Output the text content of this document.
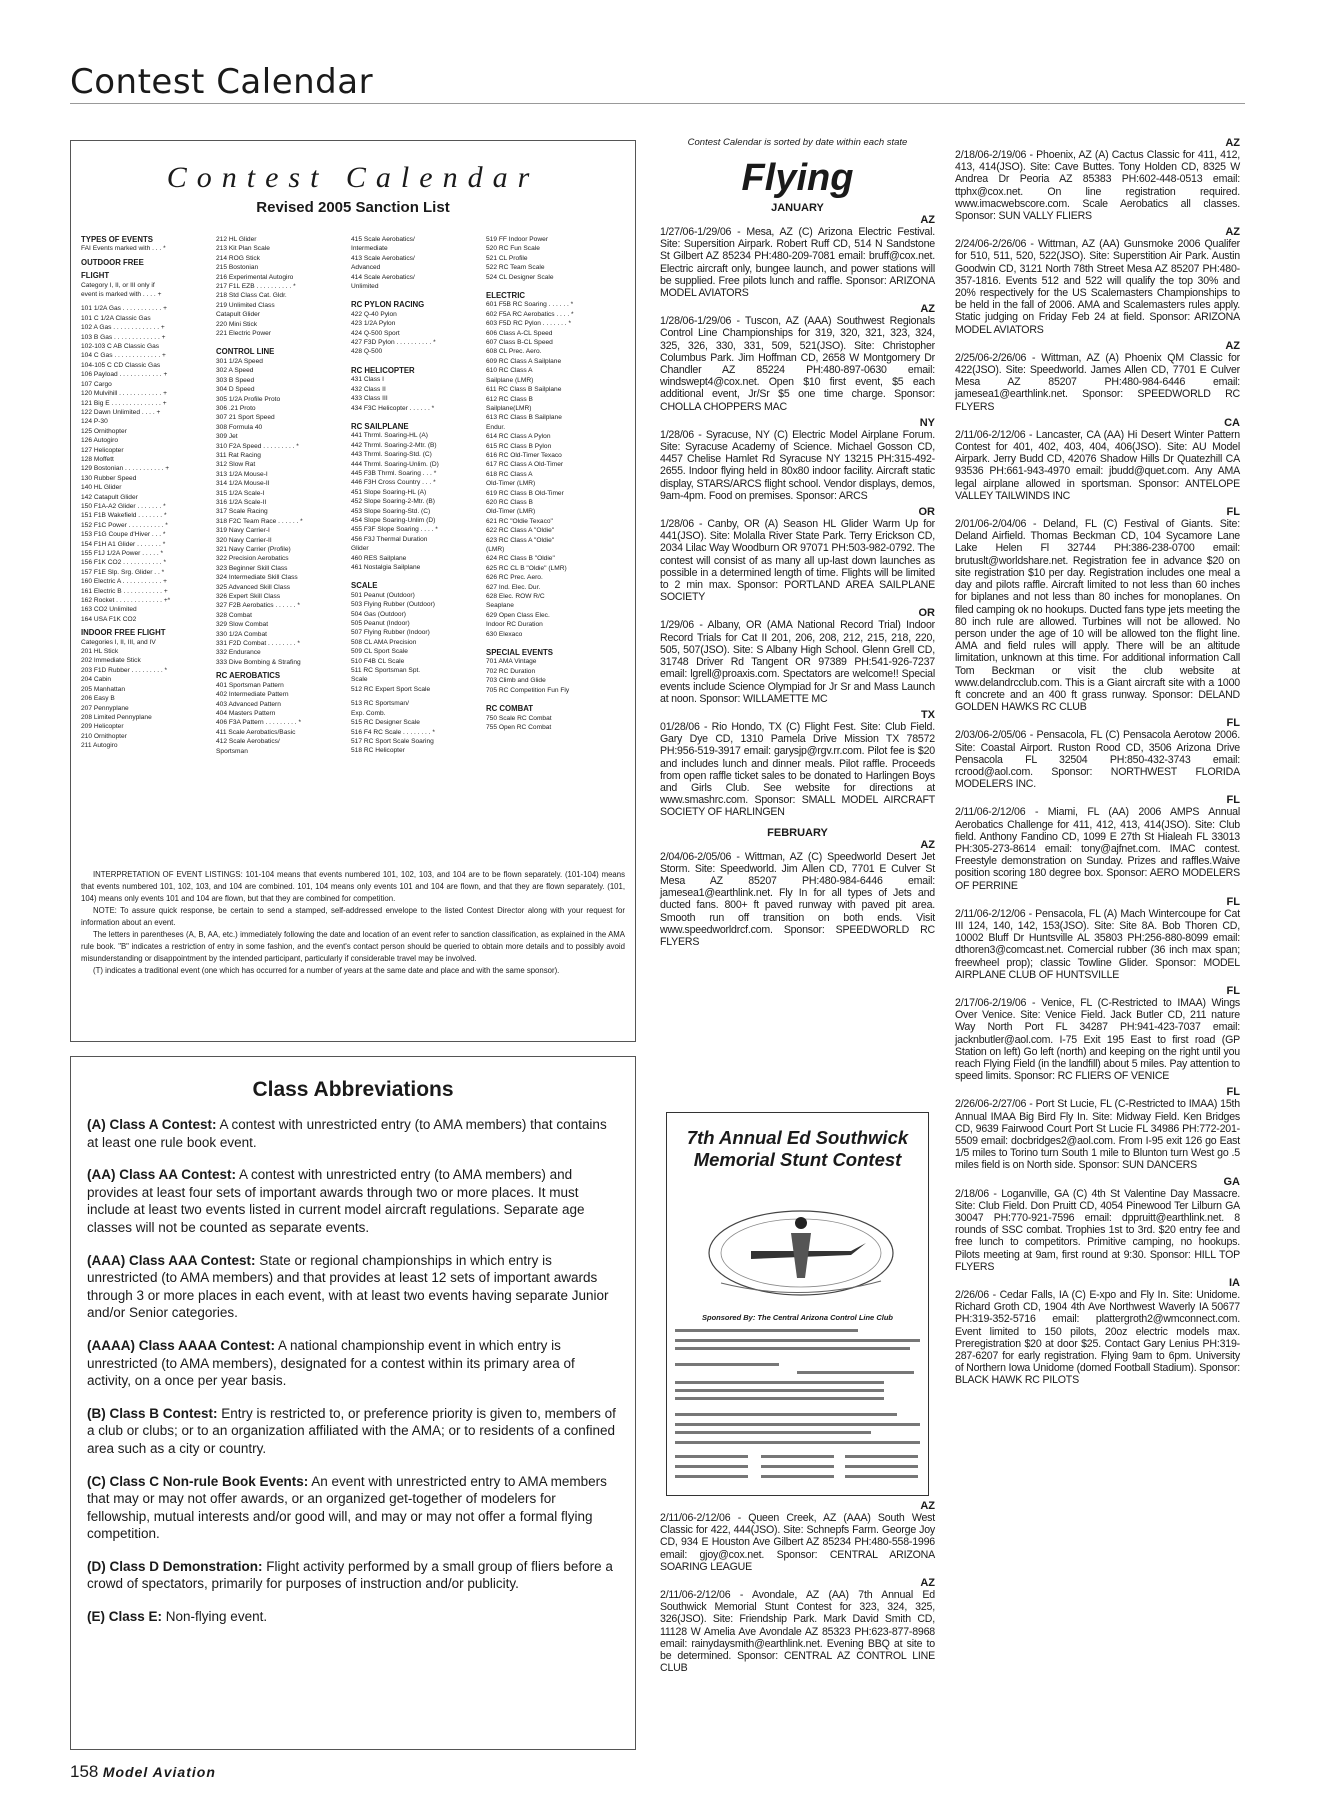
Contest Calendar
Contest Calendar
Revised 2005 Sanction List
TYPES OF EVENTS
FAI Events marked with . . . *
OUTDOOR FREE
FLIGHT
Category I, II, or III only if
event is marked with . . . . +
101 1/2A Gas . . . . . . . . . . . +
101 C 1/2A Classic Gas
102 A Gas . . . . . . . . . . . . . +
103 B Gas . . . . . . . . . . . . . +
102-103 C AB Classic Gas
104 C Gas . . . . . . . . . . . . . +
104-105 C CD Classic Gas
106 Payload . . . . . . . . . . . . +
107 Cargo
120 Mulvihill . . . . . . . . . . . . +
121 Big E . . . . . . . . . . . . . . +
122 Dawn Unlimited . . . . +
124 P-30
125 Ornithopter
126 Autogiro
127 Helicopter
128 Moffett
129 Bostonian . . . . . . . . . . . +
130 Rubber Speed
140 HL Glider
142 Catapult Glider
150 F1A-A2 Glider . . . . . . . *
151 F1B Wakefield . . . . . . . *
152 F1C Power . . . . . . . . . . *
153 F1G Coupe d'Hiver . . . *
154 F1H A1 Glider . . . . . . . *
155 F1J 1/2A Power . . . . . *
156 F1K CO2 . . . . . . . . . . . *
157 F1E Slp. Srg. Glider . . *
160 Electric A . . . . . . . . . . . +
161 Electric B . . . . . . . . . . . +
162 Rocket . . . . . . . . . . . . . +*
163 CO2 Unlimited
164 USA F1K CO2
INDOOR FREE FLIGHT
Categories I, II, III, and IV
201 HL Stick
202 Immediate Stick
203 F1D Rubber . . . . . . . . . *
204 Cabin
205 Manhattan
206 Easy B
207 Pennyplane
208 Limited Pennyplane
209 Helicopter
210 Ornithopter
211 Autogiro
212 HL Glider
213 Kit Plan Scale
214 ROG Stick
215 Bostonian
216 Experimental Autogiro
217 F1L EZB . . . . . . . . . . *
218 Std Class Cat. Gldr.
219 Unlimited Class
Catapult Glider
220 Mini Stick
221 Electric Power
CONTROL LINE
301 1/2A Speed
302 A Speed
303 B Speed
304 D Speed
305 1/2A Profile Proto
306 .21 Proto
307 21 Sport Speed
308 Formula 40
309 Jet
310 F2A Speed . . . . . . . . . *
311 Rat Racing
312 Slow Rat
313 1/2A Mouse-I
314 1/2A Mouse-II
315 1/2A Scale-I
316 1/2A Scale-II
317 Scale Racing
318 F2C Team Race . . . . . . *
319 Navy Carrier-I
320 Navy Carrier-II
321 Navy Carrier (Profile)
322 Precision Aerobatics
323 Beginner Skill Class
324 Intermediate Skill Class
325 Advanced Skill Class
326 Expert Skill Class
327 F2B Aerobatics . . . . . . *
328 Combat
329 Slow Combat
330 1/2A Combat
331 F2D Combat . . . . . . . . *
332 Endurance
333 Dive Bombing & Strafing
RC AEROBATICS
401 Sportsman Pattern
402 Intermediate Pattern
403 Advanced Pattern
404 Masters Pattern
406 F3A Pattern . . . . . . . . . *
411 Scale Aerobatics/Basic
412 Scale Aerobatics/
Sportsman
415 Scale Aerobatics/
Intermediate
413 Scale Aerobatics/
Advanced
414 Scale Aerobatics/
Unlimited
RC PYLON RACING
422 Q-40 Pylon
423 1/2A Pylon
424 Q-500 Sport
427 F3D Pylon . . . . . . . . . . *
428 Q-500
RC HELICOPTER
431 Class I
432 Class II
433 Class III
434 F3C Helicopter . . . . . . *
RC SAILPLANE
441 Thrml. Soaring-HL (A)
442 Thrml. Soaring-2-Mtr. (B)
443 Thrml. Soaring-Std. (C)
444 Thrml. Soaring-Unlim. (D)
445 F3B Thrml. Soaring . . . *
446 F3H Cross Country . . . *
451 Slope Soaring-HL (A)
452 Slope Soaring-2-Mtr. (B)
453 Slope Soaring-Std. (C)
454 Slope Soaring-Unlim (D)
455 F3F Slope Soaring . . . . *
456 F3J Thermal Duration
Glider
460 RES Sailplane
461 Nostalgia Sailplane
SCALE
501 Peanut (Outdoor)
503 Flying Rubber (Outdoor)
504 Gas (Outdoor)
505 Peanut (Indoor)
507 Flying Rubber (Indoor)
508 CL AMA Precision
509 CL Sport Scale
510 F4B CL Scale
511 RC Sportsman Spt.
Scale
512 RC Expert Sport Scale
513 RC Sportsman/
Exp. Comb.
515 RC Designer Scale
516 F4 RC Scale . . . . . . . . *
517 RC Sport Scale Soaring
518 RC Helicopter
519 FF Indoor Power
520 RC Fun Scale
521 CL Profile
522 RC Team Scale
524 CL Designer Scale
ELECTRIC
601 F5B RC Soaring . . . . . . *
602 F5A RC Aerobatics . . . . *
603 F5D RC Pylon . . . . . . . *
606 Class A-CL Speed
607 Class B-CL Speed
608 CL Prec. Aero.
609 RC Class A Sailplane
610 RC Class A
Sailplane (LMR)
611 RC Class B Sailplane
612 RC Class B
Sailplane(LMR)
613 RC Class B Sailplane
Endur.
614 RC Class A Pylon
615 RC Class B Pylon
616 RC Old-Timer Texaco
617 RC Class A Old-Timer
618 RC Class A
Old-Timer (LMR)
619 RC Class B Old-Timer
620 RC Class B
Old-Timer (LMR)
621 RC "Oldie Texaco"
622 RC Class A "Oldie"
623 RC Class A "Oldie"
(LMR)
624 RC Class B "Oldie"
625 RC CL B "Oldie" (LMR)
626 RC Prec. Aero.
627 Ind. Elec. Dur.
628 Elec. ROW R/C
Seaplane
629 Open Class Elec.
Indoor RC Duration
630 Elexaco
SPECIAL EVENTS
701 AMA Vintage
702 RC Duration
703 Climb and Glide
705 RC Competition Fun Fly
RC COMBAT
750 Scale RC Combat
755 Open RC Combat

INTERPRETATION OF EVENT LISTINGS: 101-104 means that events numbered 101, 102, 103, and 104 are to be flown separately. (101-104) means that events numbered 101, 102, 103, and 104 are combined. 101, 104 means only events 101 and 104 are flown, and that they are flown separately. (101, 104) means only events 101 and 104 are flown, but that they are combined for competition.

NOTE: To assure quick response, be certain to send a stamped, self-addressed envelope to the listed Contest Director along with your request for information about an event.

The letters in parentheses (A, B, AA, etc.) immediately following the date and location of an event refer to sanction classification, as explained in the AMA rule book. "B" indicates a restriction of entry in some fashion, and the event's contact person should be queried to obtain more details and to possibly avoid misunderstanding or disappointment by the intended participant, particularly if considerable travel may be involved.

(T) indicates a traditional event (one which has occurred for a number of years at the same date and place and with the same sponsor).

Class Abbreviations
(A) Class A Contest: A contest with unrestricted entry (to AMA members) that contains at least one rule book event.
(AA) Class AA Contest: A contest with unrestricted entry (to AMA members) and provides at least four sets of important awards through two or more places. It must include at least two events listed in current model aircraft regulations. Separate age classes will not be counted as separate events.
(AAA) Class AAA Contest: State or regional championships in which entry is unrestricted (to AMA members) and that provides at least 12 sets of important awards through 3 or more places in each event, with at least two events having separate Junior and/or Senior categories.
(AAAA) Class AAAA Contest: A national championship event in which entry is unrestricted (to AMA members), designated for a contest within its primary area of activity, on a once per year basis.
(B) Class B Contest: Entry is restricted to, or preference priority is given to, members of a club or clubs; or to an organization affiliated with the AMA; or to residents of a confined area such as a city or country.
(C) Class C Non-rule Book Events: An event with unrestricted entry to AMA members that may or may not offer awards, or an organized get-together of modelers for fellowship, mutual interests and/or good will, and may or may not offer a formal flying competition.
(D) Class D Demonstration: Flight activity performed by a small group of fliers before a crowd of spectators, primarily for purposes of instruction and/or publicity.
(E) Class E: Non-flying event.
Contest Calendar is sorted by date within each state
Flying
JANUARY
AZ
1/27/06-1/29/06 - Mesa, AZ (C) Arizona Electric Festival. Site: Supersition Airpark. Robert Ruff CD, 514 N Sandstone St Gilbert AZ 85234 PH:480-209-7081 email: bruff@cox.net. Electric aircraft only, bungee launch, and power stations will be supplied. Free pilots lunch and raffle. Sponsor: ARIZONA MODEL AVIATORS
AZ
1/28/06-1/29/06 - Tuscon, AZ (AAA) Southwest Regionals Control Line Championships for 319, 320, 321, 323, 324, 325, 326, 330, 331, 509, 521(JSO). Site: Christopher Columbus Park. Jim Hoffman CD, 2658 W Montgomery Dr Chandler AZ 85224 PH:480-897-0630 email: windswept4@cox.net. Open $10 first event, $5 each additional event, Jr/Sr $5 one time charge. Sponsor: CHOLLA CHOPPERS MAC
NY
1/28/06 - Syracuse, NY (C) Electric Model Airplane Forum. Site: Syracuse Academy of Science. Michael Gosson CD, 4457 Chelise Hamlet Rd Syracuse NY 13215 PH:315-492-2655. Indoor flying held in 80x80 indoor facility. Aircraft static display, STARS/ARCS flight school. Vendor displays, demos, 9am-4pm. Food on premises. Sponsor: ARCS
OR
1/28/06 - Canby, OR (A) Season HL Glider Warm Up for 441(JSO). Site: Molalla River State Park. Terry Erickson CD, 2034 Lilac Way Woodburn OR 97071 PH:503-982-0792. The contest will consist of as many all up-last down launches as possible in a determined length of time. Flights will be limited to 2 min max. Sponsor: PORTLAND AREA SAILPLANE SOCIETY
OR
1/29/06 - Albany, OR (AMA National Record Trial) Indoor Record Trials for Cat II 201, 206, 208, 212, 215, 218, 220, 505, 507(JSO). Site: S Albany High School. Glenn Grell CD, 31748 Driver Rd Tangent OR 97389 PH:541-926-7237 email: lgrell@proaxis.com. Spectators are welcome!! Special events include Science Olympiad for Jr Sr and Mass Launch at noon. Sponsor: WILLAMETTE MC
TX
01/28/06 - Rio Hondo, TX (C) Flight Fest. Site: Club Field. Gary Dye CD, 1310 Pamela Drive Mission TX 78572 PH:956-519-3917 email: garysjp@rgv.rr.com. Pilot fee is $20 and includes lunch and dinner meals. Pilot raffle. Proceeds from open raffle ticket sales to be donated to Harlingen Boys and Girls Club. See website for directions at www.smashrc.com. Sponsor: SMALL MODEL AIRCRAFT SOCIETY OF HARLINGEN
FEBRUARY
AZ
2/04/06-2/05/06 - Wittman, AZ (C) Speedworld Desert Jet Storm. Site: Speedworld. Jim Allen CD, 7701 E Culver St Mesa AZ 85207 PH:480-984-6446 email: jamesea1@earthlink.net. Fly In for all types of Jets and ducted fans. 800+ ft paved runway with paved pit area. Smooth run off transition on both ends. Visit www.speedworldrcf.com. Sponsor: SPEEDWORLD RC FLYERS
7th Annual Ed Southwick
Memorial Stunt Contest
Sponsored By: The Central Arizona Control Line Club
AZ
2/11/06-2/12/06 - Queen Creek, AZ (AAA) South West Classic for 422, 444(JSO). Site: Schnepfs Farm. George Joy CD, 934 E Houston Ave Gilbert AZ 85234 PH:480-558-1996 email: gjoy@cox.net. Sponsor: CENTRAL ARIZONA SOARING LEAGUE
AZ
2/11/06-2/12/06 - Avondale, AZ (AA) 7th Annual Ed Southwick Memorial Stunt Contest for 323, 324, 325, 326(JSO). Site: Friendship Park. Mark David Smith CD, 11128 W Amelia Ave Avondale AZ 85323 PH:623-877-8968 email: rainydaysmith@earthlink.net. Evening BBQ at site to be determined. Sponsor: CENTRAL AZ CONTROL LINE CLUB
AZ
2/18/06-2/19/06 - Phoenix, AZ (A) Cactus Classic for 411, 412, 413, 414(JSO). Site: Cave Buttes. Tony Holden CD, 8325 W Andrea Dr Peoria AZ 85383 PH:602-448-0513 email: ttphx@cox.net. On line registration required. www.imacwebscore.com. Scale Aerobatics all classes. Sponsor: SUN VALLY FLIERS
AZ
2/24/06-2/26/06 - Wittman, AZ (AA) Gunsmoke 2006 Qualifer for 510, 511, 520, 522(JSO). Site: Superstition Air Park. Austin Goodwin CD, 3121 North 78th Street Mesa AZ 85207 PH:480-357-1816. Events 512 and 522 will qualify the top 30% and 20% respectively for the US Scalemasters Championships to be held in the fall of 2006. AMA and Scalemasters rules apply. Static judging on Friday Feb 24 at field. Sponsor: ARIZONA MODEL AVIATORS
AZ
2/25/06-2/26/06 - Wittman, AZ (A) Phoenix QM Classic for 422(JSO). Site: Speedworld. James Allen CD, 7701 E Culver Mesa AZ 85207 PH:480-984-6446 email: jamesea1@earthlink.net. Sponsor: SPEEDWORLD RC FLYERS
CA
2/11/06-2/12/06 - Lancaster, CA (AA) Hi Desert Winter Pattern Contest for 401, 402, 403, 404, 406(JSO). Site: AU Model Airpark. Jerry Budd CD, 42076 Shadow Hills Dr Quatezhill CA 93536 PH:661-943-4970 email: jbudd@quet.com. Any AMA legal airplane allowed in sportsman. Sponsor: ANTELOPE VALLEY TAILWINDS INC
FL
2/01/06-2/04/06 - Deland, FL (C) Festival of Giants. Site: Deland Airfield. Thomas Beckman CD, 104 Sycamore Lane Lake Helen Fl 32744 PH:386-238-0700 email: brutuslt@worldshare.net. Registration fee in advance $20 on site registration $10 per day. Registration includes one meal a day and pilots raffle. Aircraft limited to not less than 60 inches for biplanes and not less than 80 inches for monoplanes. On filed camping ok no hookups. Ducted fans type jets meeting the 80 inch rule are allowed. Turbines will not be allowed. No person under the age of 10 will be allowed ton the flight line. AMA and field rules will apply. There will be an altitude limitation, unknown at this time. For additional information Call Tom Beckman or visit the club website at www.delandrcclub.com. This is a Giant aircraft site with a 1000 ft concrete and an 400 ft grass runway. Sponsor: DELAND GOLDEN HAWKS RC CLUB
FL
2/03/06-2/05/06 - Pensacola, FL (C) Pensacola Aerotow 2006. Site: Coastal Airport. Ruston Rood CD, 3506 Arizona Drive Pensacola FL 32504 PH:850-432-3743 email: rcrood@aol.com. Sponsor: NORTHWEST FLORIDA MODELERS INC.
FL
2/11/06-2/12/06 - Miami, FL (AA) 2006 AMPS Annual Aerobatics Challenge for 411, 412, 413, 414(JSO). Site: Club field. Anthony Fandino CD, 1099 E 27th St Hialeah FL 33013 PH:305-273-8614 email: tony@ajfnet.com. IMAC contest. Freestyle demonstration on Sunday. Prizes and raffles.Waive position scoring 180 degree box. Sponsor: AERO MODELERS OF PERRINE
FL
2/11/06-2/12/06 - Pensacola, FL (A) Mach Wintercoupe for Cat III 124, 140, 142, 153(JSO). Site: Site 8A. Bob Thoren CD, 10002 Bluff Dr Huntsville AL 35803 PH:256-880-8099 email: dthoren3@comcast.net. Comercial rubber (36 inch max span; freewheel prop); classic Towline Glider. Sponsor: MODEL AIRPLANE CLUB OF HUNTSVILLE
FL
2/17/06-2/19/06 - Venice, FL (C-Restricted to IMAA) Wings Over Venice. Site: Venice Field. Jack Butler CD, 211 nature Way North Port FL 34287 PH:941-423-7037 email: jacknbutler@aol.com. I-75 Exit 195 East to first road (GP Station on left) Go left (north) and keeping on the right until you reach Flying Field (in the landfill) about 5 miles. Pay attention to speed limits. Sponsor: RC FLIERS OF VENICE
FL
2/26/06-2/27/06 - Port St Lucie, FL (C-Restricted to IMAA) 15th Annual IMAA Big Bird Fly In. Site: Midway Field. Ken Bridges CD, 9639 Fairwood Court Port St Lucie FL 34986 PH:772-201-5509 email: docbridges2@aol.com. From I-95 exit 126 go East 1/5 miles to Torino turn South 1 mile to Blunton turn West go .5 miles field is on North side. Sponsor: SUN DANCERS
GA
2/18/06 - Loganville, GA (C) 4th St Valentine Day Massacre. Site: Club Field. Don Pruitt CD, 4054 Pinewood Ter Lilburn GA 30047 PH:770-921-7596 email: dppruitt@earthlink.net. 8 rounds of SSC combat. Trophies 1st to 3rd. $20 entry fee and free lunch to competitors. Primitive camping, no hookups. Pilots meeting at 9am, first round at 9:30. Sponsor: HILL TOP FLYERS
IA
2/26/06 - Cedar Falls, IA (C) E-xpo and Fly In. Site: Unidome. Richard Groth CD, 1904 4th Ave Northwest Waverly IA 50677 PH:319-352-5716 email: plattergroth2@wmconnect.com. Event limited to 150 pilots, 20oz electric models max. Preregistration $20 at door $25. Contact Gary Lenius PH:319-287-6207 for early registration. Flying 9am to 6pm. University of Northern Iowa Unidome (domed Football Stadium). Sponsor: BLACK HAWK RC PILOTS
158 Model Aviation
